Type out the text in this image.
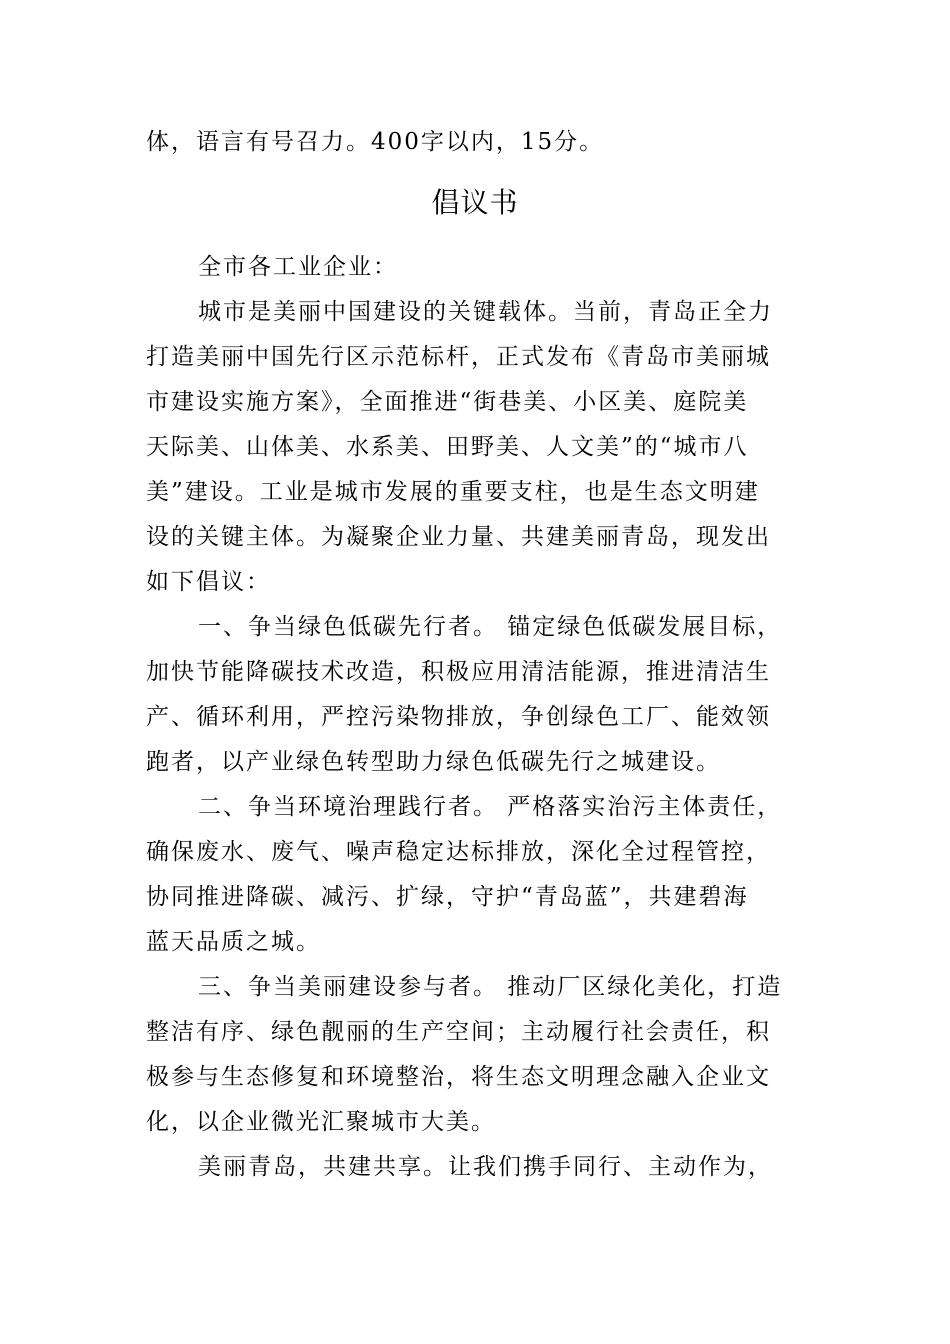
体，语言有号召力。400字以内，15分。
倡议书
全市各工业企业：
城市是美丽中国建设的关键载体。当前，青岛正全力
打造美丽中国先行区示范标杆，正式发布《青岛市美丽城
市建设实施方案》，全面推进“街巷美、小区美、庭院美
天际美、山体美、水系美、田野美、人文美”的“城市八
美”建设。工业是城市发展的重要支柱，也是生态文明建
设的关键主体。为凝聚企业力量、共建美丽青岛，现发出
如下倡议：
一、争当绿色低碳先行者。 锚定绿色低碳发展目标，
加快节能降碳技术改造，积极应用清洁能源，推进清洁生
产、循环利用，严控污染物排放，争创绿色工厂、能效领
跑者，以产业绿色转型助力绿色低碳先行之城建设。
二、争当环境治理践行者。 严格落实治污主体责任，
确保废水、废气、噪声稳定达标排放，深化全过程管控，
协同推进降碳、减污、扩绿，守护“青岛蓝”，共建碧海
蓝天品质之城。
三、争当美丽建设参与者。 推动厂区绿化美化，打造
整洁有序、绿色靓丽的生产空间；主动履行社会责任，积
极参与生态修复和环境整治，将生态文明理念融入企业文
化，以企业微光汇聚城市大美。
美丽青岛，共建共享。让我们携手同行、主动作为，
